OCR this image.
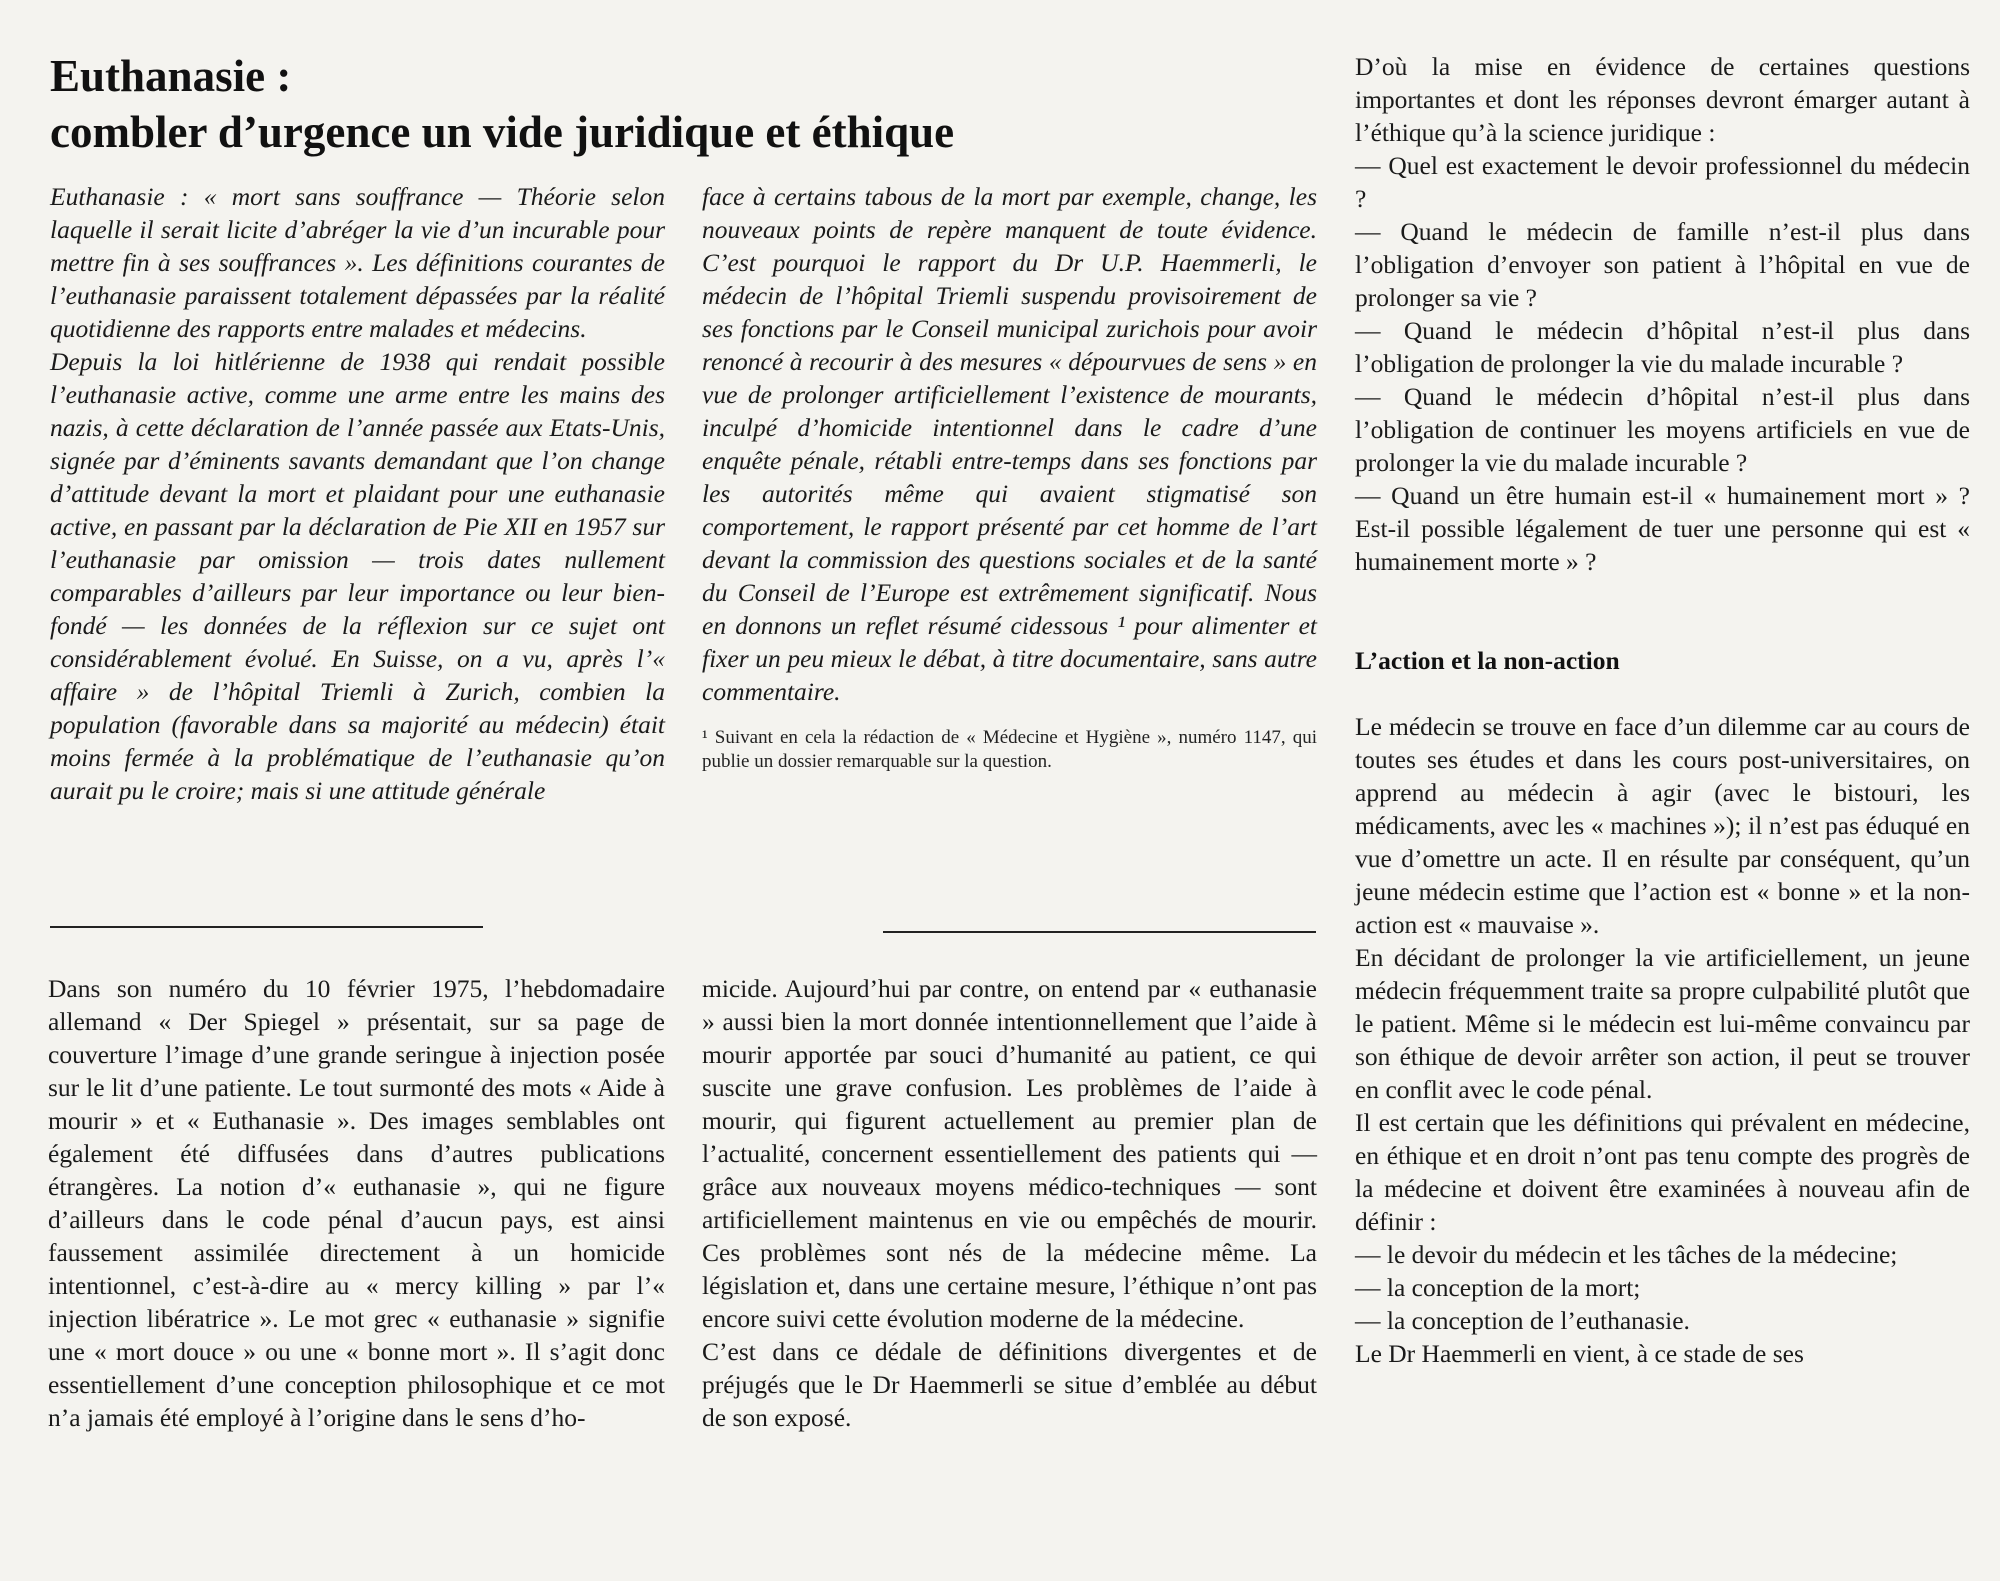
Euthanasie :
combler d’urgence un vide juridique et éthique

Euthanasie : « mort sans souffrance — Théorie selon laquelle il serait licite d’abréger la vie d’un incurable pour mettre fin à ses souffrances ». Les définitions courantes de l’euthanasie paraissent totalement dépassées par la réalité quotidienne des rapports entre malades et médecins.

Depuis la loi hitlérienne de 1938 qui rendait possible l’euthanasie active, comme une arme entre les mains des nazis, à cette déclaration de l’année passée aux Etats-Unis, signée par d’éminents savants demandant que l’on change d’attitude devant la mort et plaidant pour une euthanasie active, en passant par la déclaration de Pie XII en 1957 sur l’euthanasie par omission — trois dates nullement comparables d’ailleurs par leur importance ou leur bien-fondé — les données de la réflexion sur ce sujet ont considérablement évolué. En Suisse, on a vu, après l’« affaire » de l’hôpital Triemli à Zurich, combien la population (favorable dans sa majorité au médecin) était moins fermée à la problématique de l’euthanasie qu’on aurait pu le croire; mais si une attitude générale

face à certains tabous de la mort par exemple, change, les nouveaux points de repère manquent de toute évidence. C’est pourquoi le rapport du Dr U.P. Haemmerli, le médecin de l’hôpital Triemli suspendu provisoirement de ses fonctions par le Conseil municipal zurichois pour avoir renoncé à recourir à des mesures « dépourvues de sens » en vue de prolonger artificiellement l’existence de mourants, inculpé d’homicide intentionnel dans le cadre d’une enquête pénale, rétabli entre-temps dans ses fonctions par les autorités même qui avaient stigmatisé son comportement, le rapport présenté par cet homme de l’art devant la commission des questions sociales et de la santé du Conseil de l’Europe est extrêmement significatif. Nous en donnons un reflet résumé cidessous ¹ pour alimenter et fixer un peu mieux le débat, à titre documentaire, sans autre commentaire.

¹ Suivant en cela la rédaction de « Médecine et Hygiène », numéro 1147, qui publie un dossier remarquable sur la question.

Dans son numéro du 10 février 1975, l’hebdomadaire allemand « Der Spiegel » présentait, sur sa page de couverture l’image d’une grande seringue à injection posée sur le lit d’une patiente. Le tout surmonté des mots « Aide à mourir » et « Euthanasie ». Des images semblables ont également été diffusées dans d’autres publications étrangères. La notion d’« euthanasie », qui ne figure d’ailleurs dans le code pénal d’aucun pays, est ainsi faussement assimilée directement à un homicide intentionnel, c’est-à-dire au « mercy killing » par l’« injection libératrice ». Le mot grec « euthanasie » signifie une « mort douce » ou une « bonne mort ». Il s’agit donc essentiellement d’une conception philosophique et ce mot n’a jamais été employé à l’origine dans le sens d’ho-

micide. Aujourd’hui par contre, on entend par « euthanasie » aussi bien la mort donnée intentionnellement que l’aide à mourir apportée par souci d’humanité au patient, ce qui suscite une grave confusion. Les problèmes de l’aide à mourir, qui figurent actuellement au premier plan de l’actualité, concernent essentiellement des patients qui — grâce aux nouveaux moyens médico-techniques — sont artificiellement maintenus en vie ou empêchés de mourir. Ces problèmes sont nés de la médecine même. La législation et, dans une certaine mesure, l’éthique n’ont pas encore suivi cette évolution moderne de la médecine.

C’est dans ce dédale de définitions divergentes et de préjugés que le Dr Haemmerli se situe d’emblée au début de son exposé.

D’où la mise en évidence de certaines questions importantes et dont les réponses devront émarger autant à l’éthique qu’à la science juridique :

— Quel est exactement le devoir professionnel du médecin ?

— Quand le médecin de famille n’est-il plus dans l’obligation d’envoyer son patient à l’hôpital en vue de prolonger sa vie ?

— Quand le médecin d’hôpital n’est-il plus dans l’obligation de prolonger la vie du malade incurable ?

— Quand le médecin d’hôpital n’est-il plus dans l’obligation de continuer les moyens artificiels en vue de prolonger la vie du malade incurable ?

— Quand un être humain est-il « humainement mort » ? Est-il possible légalement de tuer une personne qui est « humainement morte » ?

L’action et la non-action

Le médecin se trouve en face d’un dilemme car au cours de toutes ses études et dans les cours post-universitaires, on apprend au médecin à agir (avec le bistouri, les médicaments, avec les « machines »); il n’est pas éduqué en vue d’omettre un acte. Il en résulte par conséquent, qu’un jeune médecin estime que l’action est « bonne » et la non-action est « mauvaise ».

En décidant de prolonger la vie artificiellement, un jeune médecin fréquemment traite sa propre culpabilité plutôt que le patient. Même si le médecin est lui-même convaincu par son éthique de devoir arrêter son action, il peut se trouver en conflit avec le code pénal.

Il est certain que les définitions qui prévalent en médecine, en éthique et en droit n’ont pas tenu compte des progrès de la médecine et doivent être examinées à nouveau afin de définir :

— le devoir du médecin et les tâches de la médecine;

— la conception de la mort;

— la conception de l’euthanasie.

Le Dr Haemmerli en vient, à ce stade de ses
